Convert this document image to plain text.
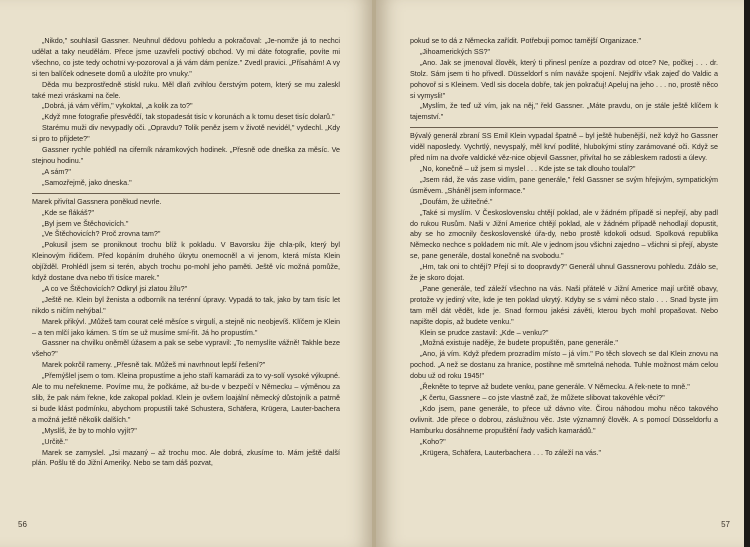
„Nikdo," souhlasil Gassner. Neuhnul dědovu pohledu a pokračoval: „Je-nomže já to nechci udělat a taky neudělám. Přece jsme uzavřeli poctivý obchod. Vy mi dáte fotografie, povíte mi všechno, co jste tedy ochotni vy-pozoroval a já vám dám peníze." Zvedl pravici. „Přísahám! A vy si ten balíček odnesete domů a uložíte pro vnuky."

Děda mu bezprostředně stiskl ruku. Měl dlaň zvihlou čerstvým potem, který se mu zaleskl také mezi vráskami na čele.

„Dobrá, já vám věřím," vykoktal, „a kolik za to?"

„Když mne fotografie přesvědčí, tak stopadesát tisíc v korunách a k tomu deset tisíc dolarů."

Starému muži div nevypadly oči. „Opravdu? Tolik peněz jsem v životě nevidél," vydechl. „Kdy si pro to přijdete?"

Gassner rychle pohlédl na ciferník náramkových hodinek. „Přesně ode dneška za měsíc. Ve stejnou hodinu."

„A sám?"

„Samozřejmě, jako dneska."

Marek přivítal Gassnera poněkud nevrle.

„Kde se flákáš?"

„Byl jsem ve Štěchovicích."

„Ve Štěchovicích? Proč zrovna tam?"

„Pokusil jsem se proniknout trochu blíž k pokladu. V Bavorsku žije chla-pík, který byl Kleinovým řidičem. Před kopáním druhého úkrytu onemocněl a vi jenom, která místa Klein objížděl. Prohlédl jsem si terén, abych trochu po-mohl jeho paměti. Ještě víc možná pomůže, když dostane dva nebo tři tisíce marek."

„A co ve Štěchovicích? Odkryl jsi zlatou žílu?"

„Ještě ne. Klein byl ženista a odborník na terénní úpravy. Vypadá to tak, jako by tam tisíc let nikdo s ničím nehýbal."

Marek přikývl. „Můžeš tam courat celé měsíce s virgulí, a stejně nic neobjevíš. Klíčem je Klein – a ten mlčí jako kámen. S tím se už musíme smí-řit. Já ho propustím."

Gassner na chvilku oněměl úžasem a pak se sebe vypravil: „To nemyslíte vážně! Takhle beze všeho?"

Marek pokrčil rameny. „Přesně tak. Můžeš mi navrhnout lepší řešení?"

„Přemýšlel jsem o tom. Kleina propustíme a jeho staří kamarádi za to vy-solí vysoké výkupné. Ale to mu neřekneme. Povíme mu, že počkáme, až bu-de v bezpečí v Německu – výměnou za slib, že pak nám řekne, kde zakopal poklad. Klein je ovšem loajální německý důstojník a patrně si bude klást podmínku, abychom propustili také Schustera, Schäfera, Krügera, Lauter-bachera a možná ještě několik dalších."

„Myslíš, že by to mohlo vyjít?"

„Určitě."

Marek se zamyslel. „Jsi mazaný – až trochu moc. Ale dobrá, zkusíme to. Mám ještě další plán. Pošlu tě do Jižní Ameriky. Nebo se tam dáš pozvat,

56

pokud se to dá z Německa zařídit. Potřebuji pomoc tamější Organizace."

„Jihoamerických SS?"

„Ano. Jak se jmenoval člověk, který ti přinesl peníze a pozdrav od otce? Ne, počkej . . . dr. Stolz. Sám jsem ti ho přivedl. Düsseldorf s ním naváže spojení. Nejdřív však zajeď do Valdic a pohovoř si s Kleinem. Vedl sis docela dobře, tak jen pokračuj! Apeluj na jeho . . . no, prostě něco si vymysli!"

„Myslím, že teď už vím, jak na něj," řekl Gassner. „Máte pravdu, on je stále ještě klíčem k tajemství."

Bývalý generál zbraní SS Emil Klein vypadal špatně – byl ještě hubenější, než když ho Gassner viděl naposledy. Vychrtlý, nevyspalý, měl krví podlité, hlubokými stíny zarámované oči. Když se před ním na dvoře valdické věz-nice objevil Gassner, přivítal ho se zábleskem radosti a úlevy.

„No, konečně – už jsem si myslel . . . Kde jste se tak dlouho toulal?"

„Jsem rád, že vás zase vidím, pane generále," řekl Gassner se svým hřejivým, sympatickým úsměvem. „Sháněl jsem informace."

„Doufám, že užitečné."

„Také si myslím. V Československu chtějí poklad, ale v žádném případě si nepřejí, aby padl do rukou Rusům. Naši v Jižní Americe chtějí poklad, ale v žádném případě nehodlají dopustit, aby se ho zmocnily československé úřa-dy, nebo prostě kdokoli odsud. Spolková republika Německo nechce s pokladem nic mít. Ale v jednom jsou všichni zajedno – všichni si přejí, abyste se, pane generále, dostal konečně na svobodu."

„Hm, tak oni to chtějí? Přejí si to doopravdy?" Generál uhnul Gassnerovu pohledu. Zdálo se, že je skoro dojat.

„Pane generále, teď záleží všechno na vás. Naši přátelé v Jižní Americe mají určitě obavy, protože vy jediný víte, kde je ten poklad ukrytý. Kdyby se s vámi něco stalo . . . Snad byste jim tam měl dát vědět, kde je. Snad formou jakési závěti, kterou bych mohl propašovat. Nebo napište dopis, až budete venku."

Klein se prudce zastavil: „Kde – venku?"

„Možná existuje naděje, že budete propuštěn, pane generále."

„Ano, já vím. Když předem prozradím místo – já vím." Po těch slovech se dal Klein znovu na pochod. „A než se dostanu za hranice, postihne mě smrtelná nehoda. Tuhle možnost mám celou dobu už od roku 1945!"

„Řekněte to teprve až budete venku, pane generále. V Německu. A řek-nete to mně."

„K čertu, Gassnere – co jste vlastně zač, že můžete slibovat takovéhle věci?"

„Kdo jsem, pane generále, to přece už dávno víte. Čirou náhodou mohu něco takového ovlivnit. Jde přece o dobrou, záslužnou věc. Jste významný člověk. A s pomocí Düsseldorfu a Hamburku dosáhneme propuštění řady vašich kamarádů."

„Koho?"

„Krügera, Schäfera, Lauterbachera . . . To záleží na vás."

57
